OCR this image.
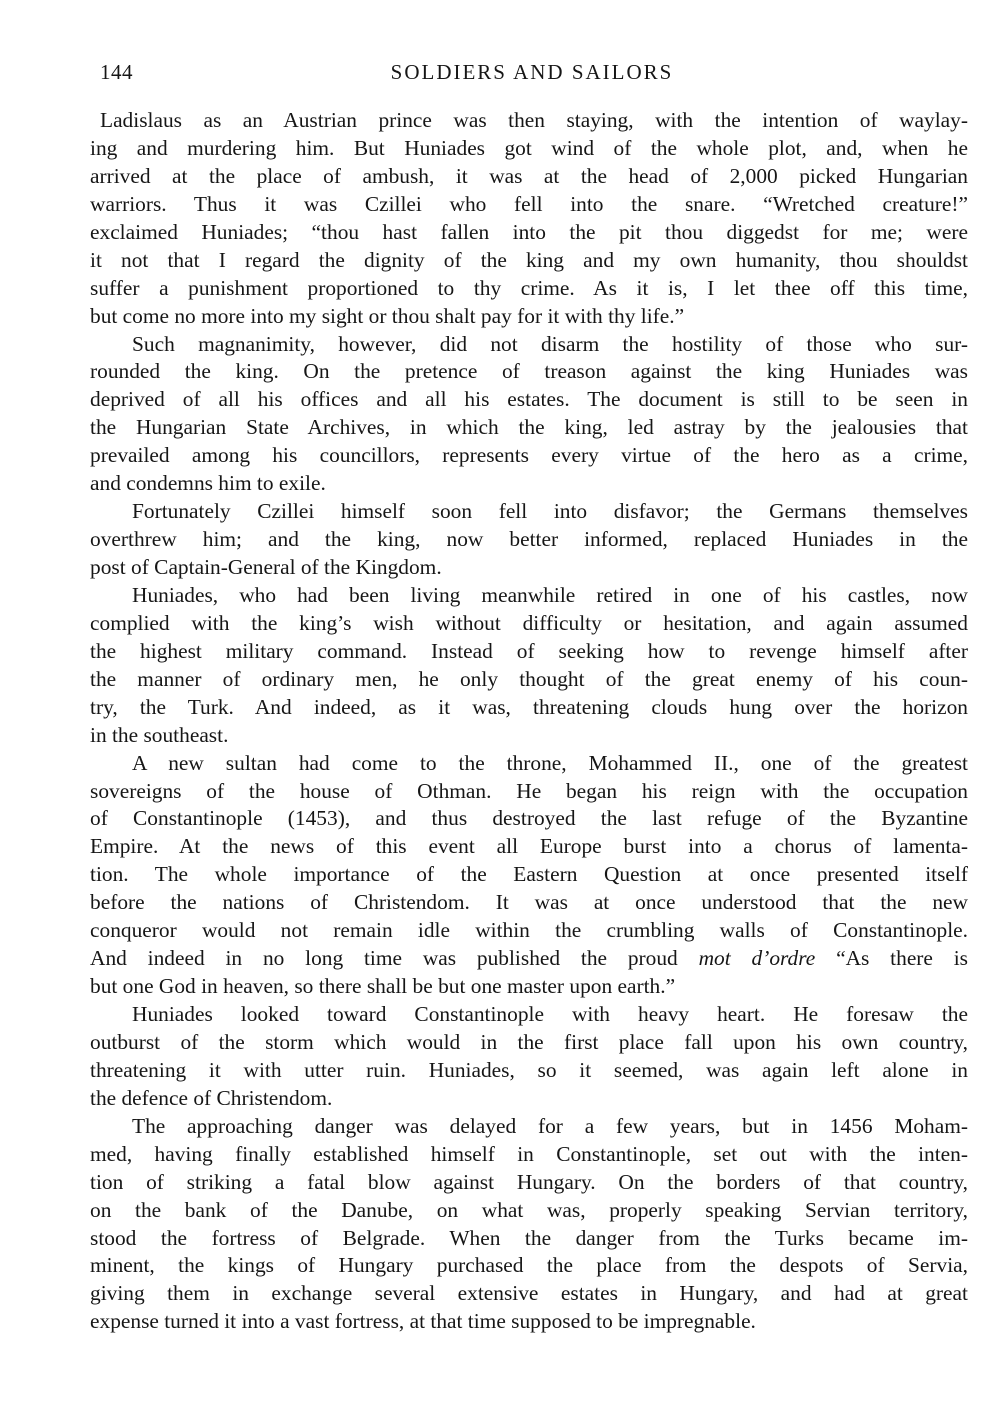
144	SOLDIERS AND SAILORS
Ladislaus as an Austrian prince was then staying, with the intention of waylay-
ing and murdering him. But Huniades got wind of the whole plot, and, when he
arrived at the place of ambush, it was at the head of 2,000 picked Hungarian
warriors. Thus it was Czillei who fell into the snare. “Wretched creature!”
exclaimed Huniades; “thou hast fallen into the pit thou diggedst for me; were
it not that I regard the dignity of the king and my own humanity, thou shouldst
suffer a punishment proportioned to thy crime. As it is, I let thee off this time,
but come no more into my sight or thou shalt pay for it with thy life.”
Such magnanimity, however, did not disarm the hostility of those who sur-
rounded the king. On the pretence of treason against the king Huniades was
deprived of all his offices and all his estates. The document is still to be seen in
the Hungarian State Archives, in which the king, led astray by the jealousies that
prevailed among his councillors, represents every virtue of the hero as a crime,
and condemns him to exile.
Fortunately Czillei himself soon fell into disfavor; the Germans themselves
overthrew him; and the king, now better informed, replaced Huniades in the
post of Captain-General of the Kingdom.
Huniades, who had been living meanwhile retired in one of his castles, now
complied with the king’s wish without difficulty or hesitation, and again assumed
the highest military command. Instead of seeking how to revenge himself after
the manner of ordinary men, he only thought of the great enemy of his coun-
try, the Turk. And indeed, as it was, threatening clouds hung over the horizon
in the southeast.
A new sultan had come to the throne, Mohammed II., one of the greatest
sovereigns of the house of Othman. He began his reign with the occupation
of Constantinople (1453), and thus destroyed the last refuge of the Byzantine
Empire. At the news of this event all Europe burst into a chorus of lamenta-
tion. The whole importance of the Eastern Question at once presented itself
before the nations of Christendom. It was at once understood that the new
conqueror would not remain idle within the crumbling walls of Constantinople.
And indeed in no long time was published the proud mot d’ordre “As there is
but one God in heaven, so there shall be but one master upon earth.”
Huniades looked toward Constantinople with heavy heart. He foresaw the
outburst of the storm which would in the first place fall upon his own country,
threatening it with utter ruin. Huniades, so it seemed, was again left alone in
the defence of Christendom.
The approaching danger was delayed for a few years, but in 1456 Moham-
med, having finally established himself in Constantinople, set out with the inten-
tion of striking a fatal blow against Hungary. On the borders of that country,
on the bank of the Danube, on what was, properly speaking Servian territory,
stood the fortress of Belgrade. When the danger from the Turks became im-
minent, the kings of Hungary purchased the place from the despots of Servia,
giving them in exchange several extensive estates in Hungary, and had at great
expense turned it into a vast fortress, at that time supposed to be impregnable.
